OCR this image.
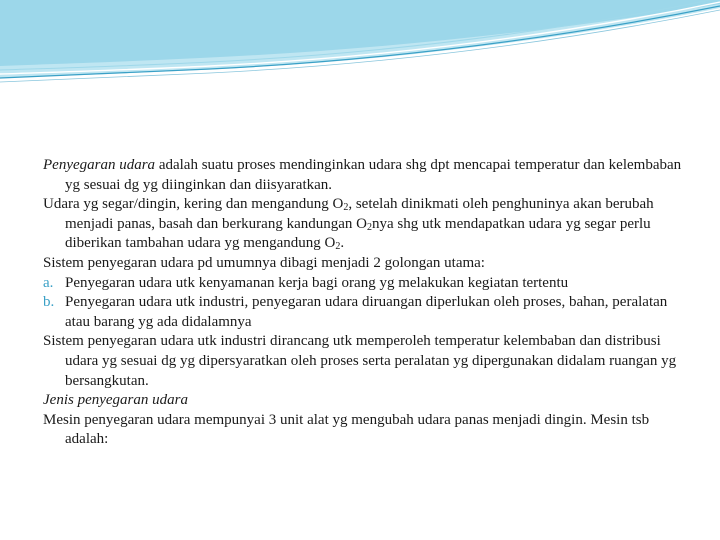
Penyegaran udara adalah suatu proses mendinginkan udara shg dpt mencapai temperatur dan kelembaban yg sesuai dg yg diinginkan dan diisyaratkan.

Udara yg segar/dingin, kering dan mengandung $O_2$, setelah dinikmati oleh penghuninya akan berubah menjadi panas, basah dan berkurang kandungan $O_2nya$ shg utk mendapatkan udara yg segar perlu diberikan tambahan udara yg mengandung $O_2$.

Sistem penyegaran udara pd umumnya dibagi menjadi 2 golongan utama:

a. Penyegaran udara utk kenyamanan kerja bagi orang yg melakukan kegiatan tertentu

b. Penyegaran udara utk industri, penyegaran udara diruangan diperlukan oleh proses, bahan, peralatan atau barang yg ada didalamnya

Sistem penyegaran udara utk industri dirancang utk memperoleh temperatur kelembaban dan distribusi udara yg sesuai dg yg dipersyaratkan oleh proses serta peralatan yg dipergunakan didalam ruangan yg bersangkutan.

Jenis penyegaran udara

Mesin penyegaran udara mempunyai 3 unit alat yg mengubah udara panas menjadi dingin. Mesin tsb adalah:
